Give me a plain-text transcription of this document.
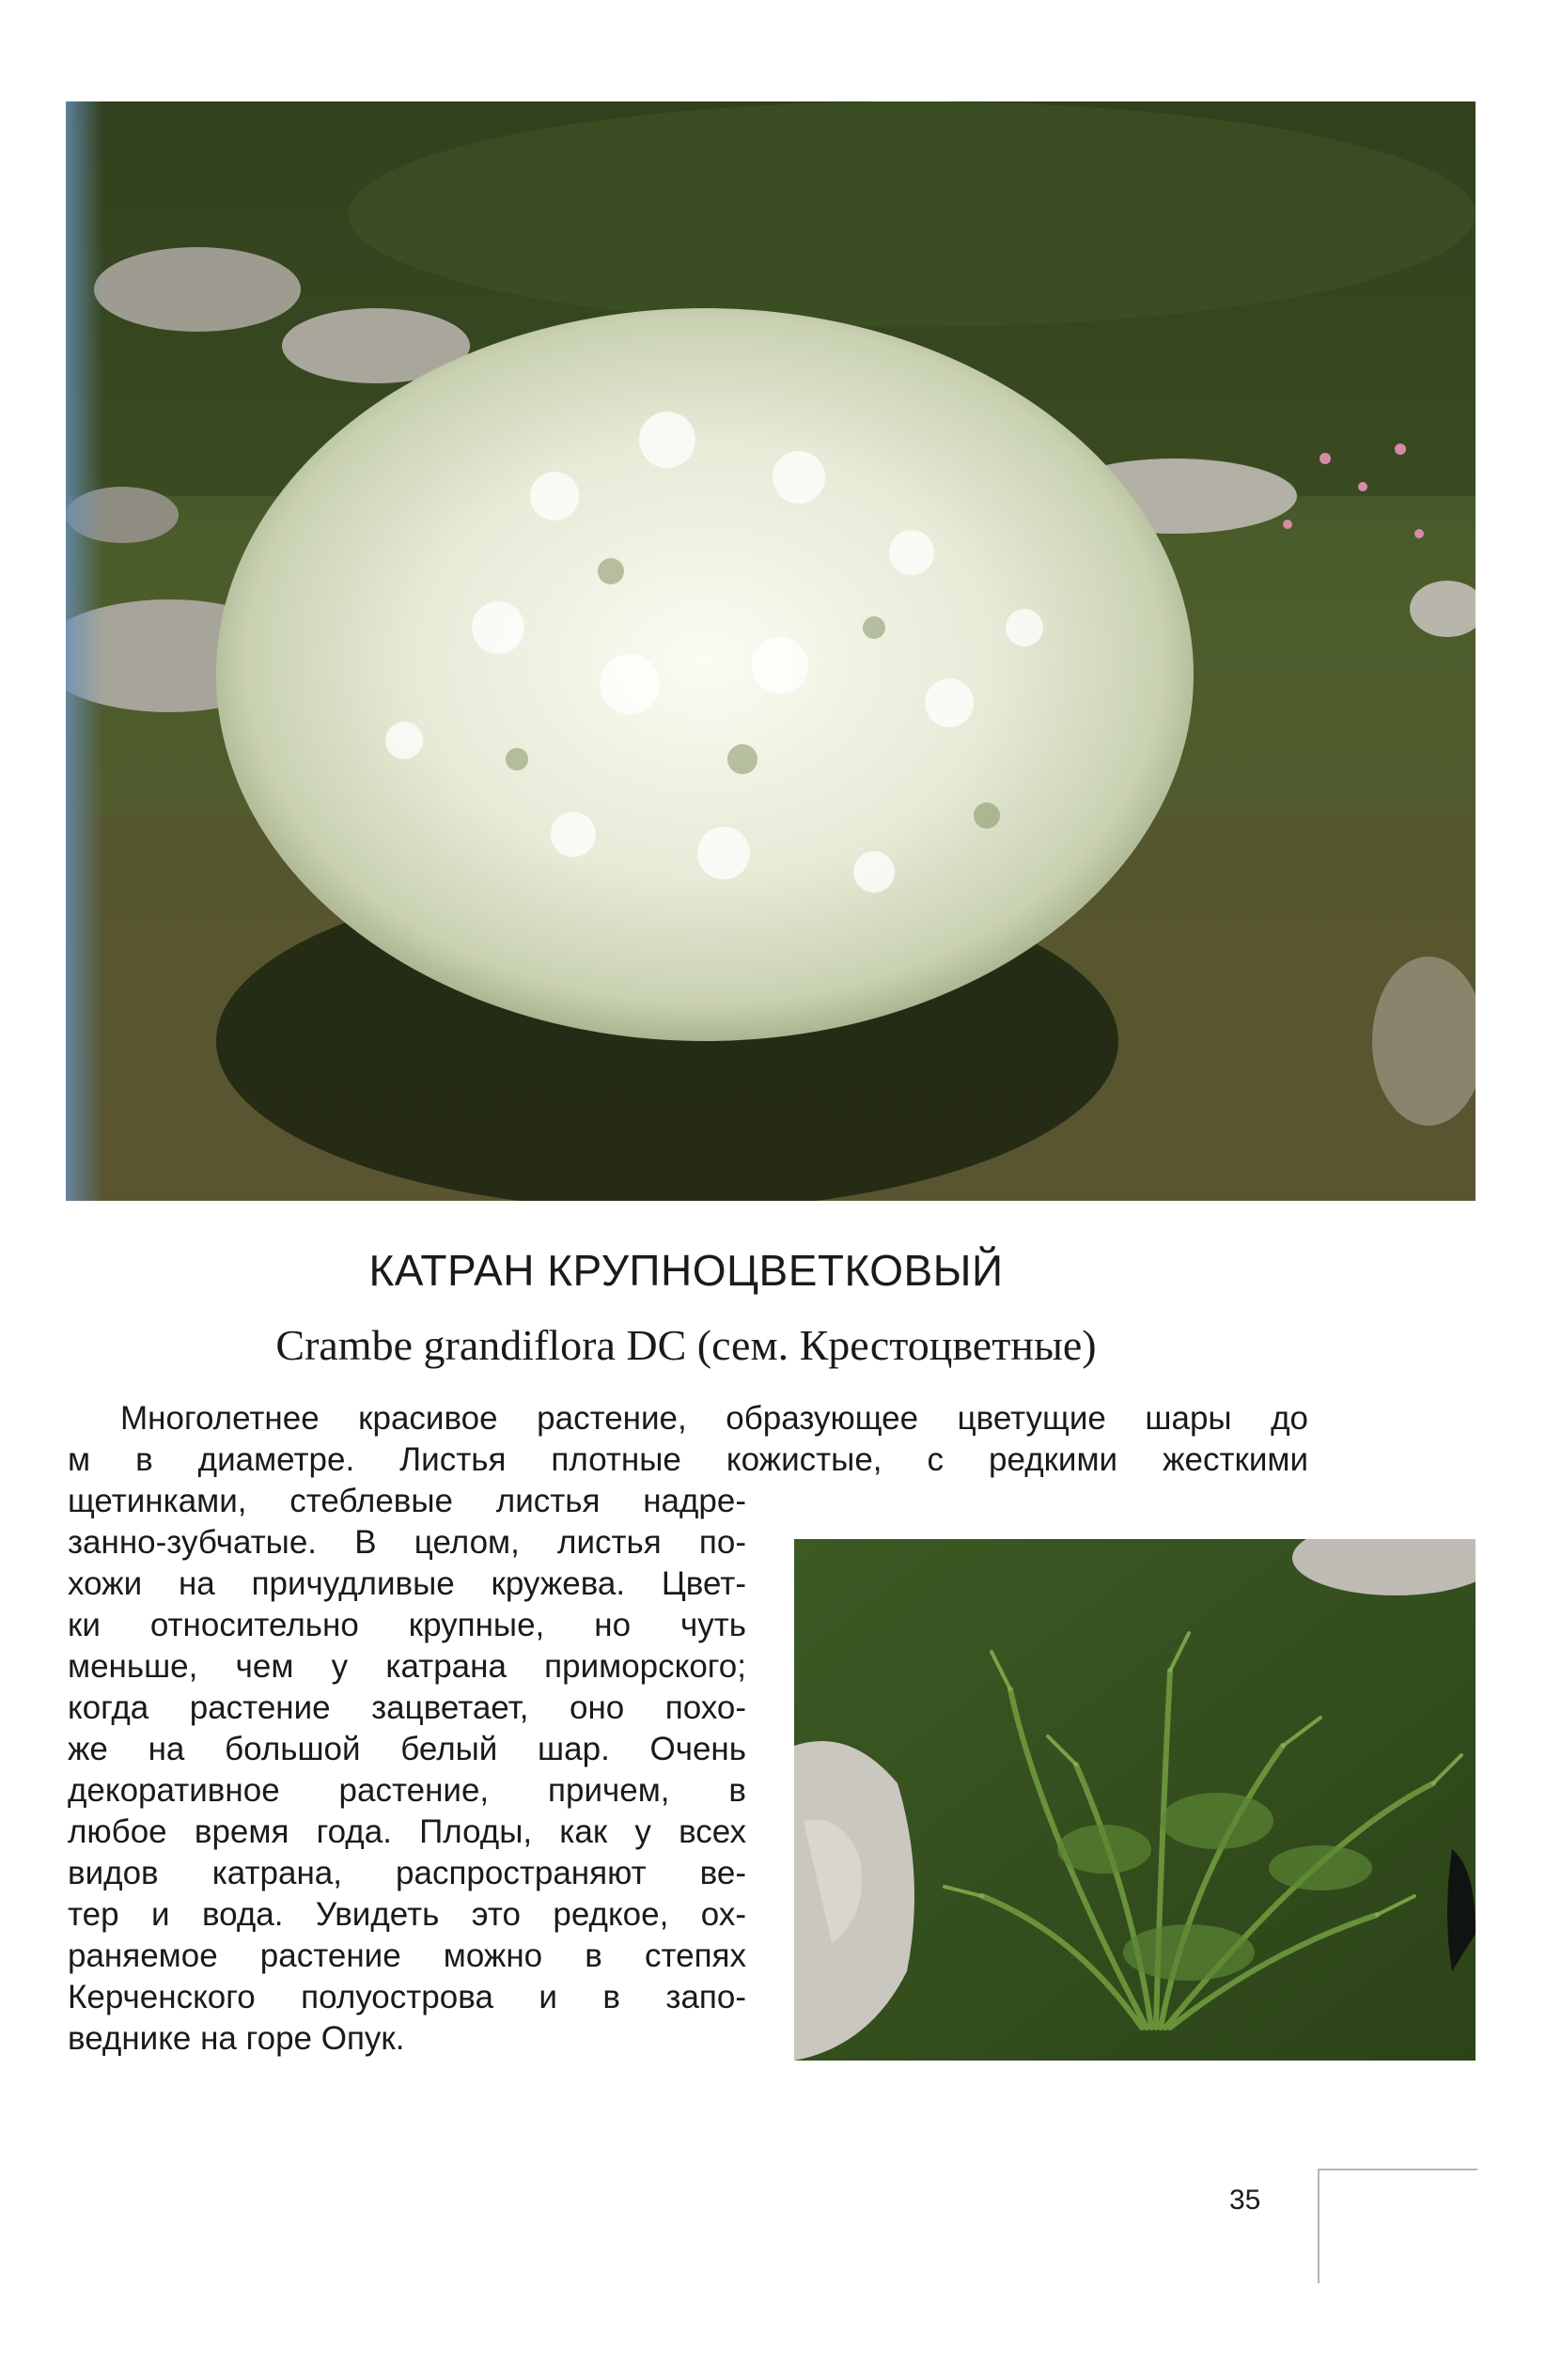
КАТРАН КРУПНОЦВЕТКОВЫЙ
Crambe grandiflora DC (сем. Крестоцветные)
Многолетнее красивое растение, образующее цветущие шары до
м в диаметре. Листья плотные кожистые, с редкими жесткими
щетинками, стеблевые листья надре-
занно-зубчатые. В целом, листья по-
хожи на причудливые кружева. Цвет-
ки относительно крупные, но чуть
меньше, чем у катрана приморского;
когда растение зацветает, оно похо-
же на большой белый шар. Очень
декоративное растение, причем, в
любое время года. Плоды, как у всех
видов катрана, распространяют ве-
тер и вода. Увидеть это редкое, ох-
раняемое растение можно в степях
Керченского полуострова и в запо-
веднике на горе Опук.
35
